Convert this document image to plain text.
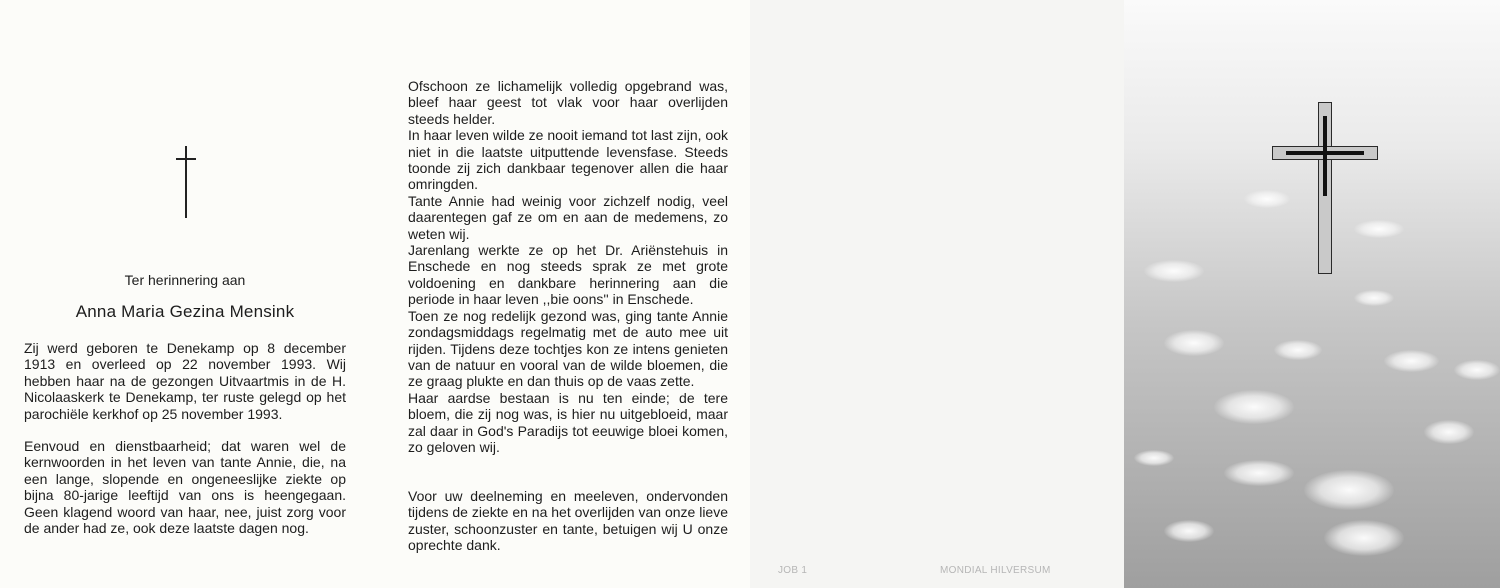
Ter herinnering aan
Anna Maria Gezina Mensink

Zij werd geboren te Denekamp op 8 december 1913 en overleed op 22 november 1993. Wij hebben haar na de gezongen Uitvaartmis in de H. Nicolaaskerk te Denekamp, ter ruste gelegd op het parochiële kerkhof op 25 november 1993.

Eenvoud en dienstbaarheid; dat waren wel de kernwoorden in het leven van tante Annie, die, na een lange, slopende en ongeneeslijke ziekte op bijna 80-jarige leeftijd van ons is heengegaan. Geen klagend woord van haar, nee, juist zorg voor de ander had ze, ook deze laatste dagen nog.

Ofschoon ze lichamelijk volledig opgebrand was, bleef haar geest tot vlak voor haar overlijden steeds helder.
In haar leven wilde ze nooit iemand tot last zijn, ook niet in die laatste uitputtende levensfase. Steeds toonde zij zich dankbaar tegenover allen die haar omringden.
Tante Annie had weinig voor zichzelf nodig, veel daarentegen gaf ze om en aan de medemens, zo weten wij.
Jarenlang werkte ze op het Dr. Ariënstehuis in Enschede en nog steeds sprak ze met grote voldoening en dankbare herinnering aan die periode in haar leven ,,bie oons'' in Enschede.
Toen ze nog redelijk gezond was, ging tante Annie zondagsmiddags regelmatig met de auto mee uit rijden. Tijdens deze tochtjes kon ze intens genieten van de natuur en vooral van de wilde bloemen, die ze graag plukte en dan thuis op de vaas zette.
Haar aardse bestaan is nu ten einde; de tere bloem, die zij nog was, is hier nu uitgebloeid, maar zal daar in God's Paradijs tot eeuwige bloei komen, zo geloven wij.

Voor uw deelneming en meeleven, ondervonden tijdens de ziekte en na het overlijden van onze lieve zuster, schoonzuster en tante, betuigen wij U onze oprechte dank.

JOB 1	MONDIAL HILVERSUM
